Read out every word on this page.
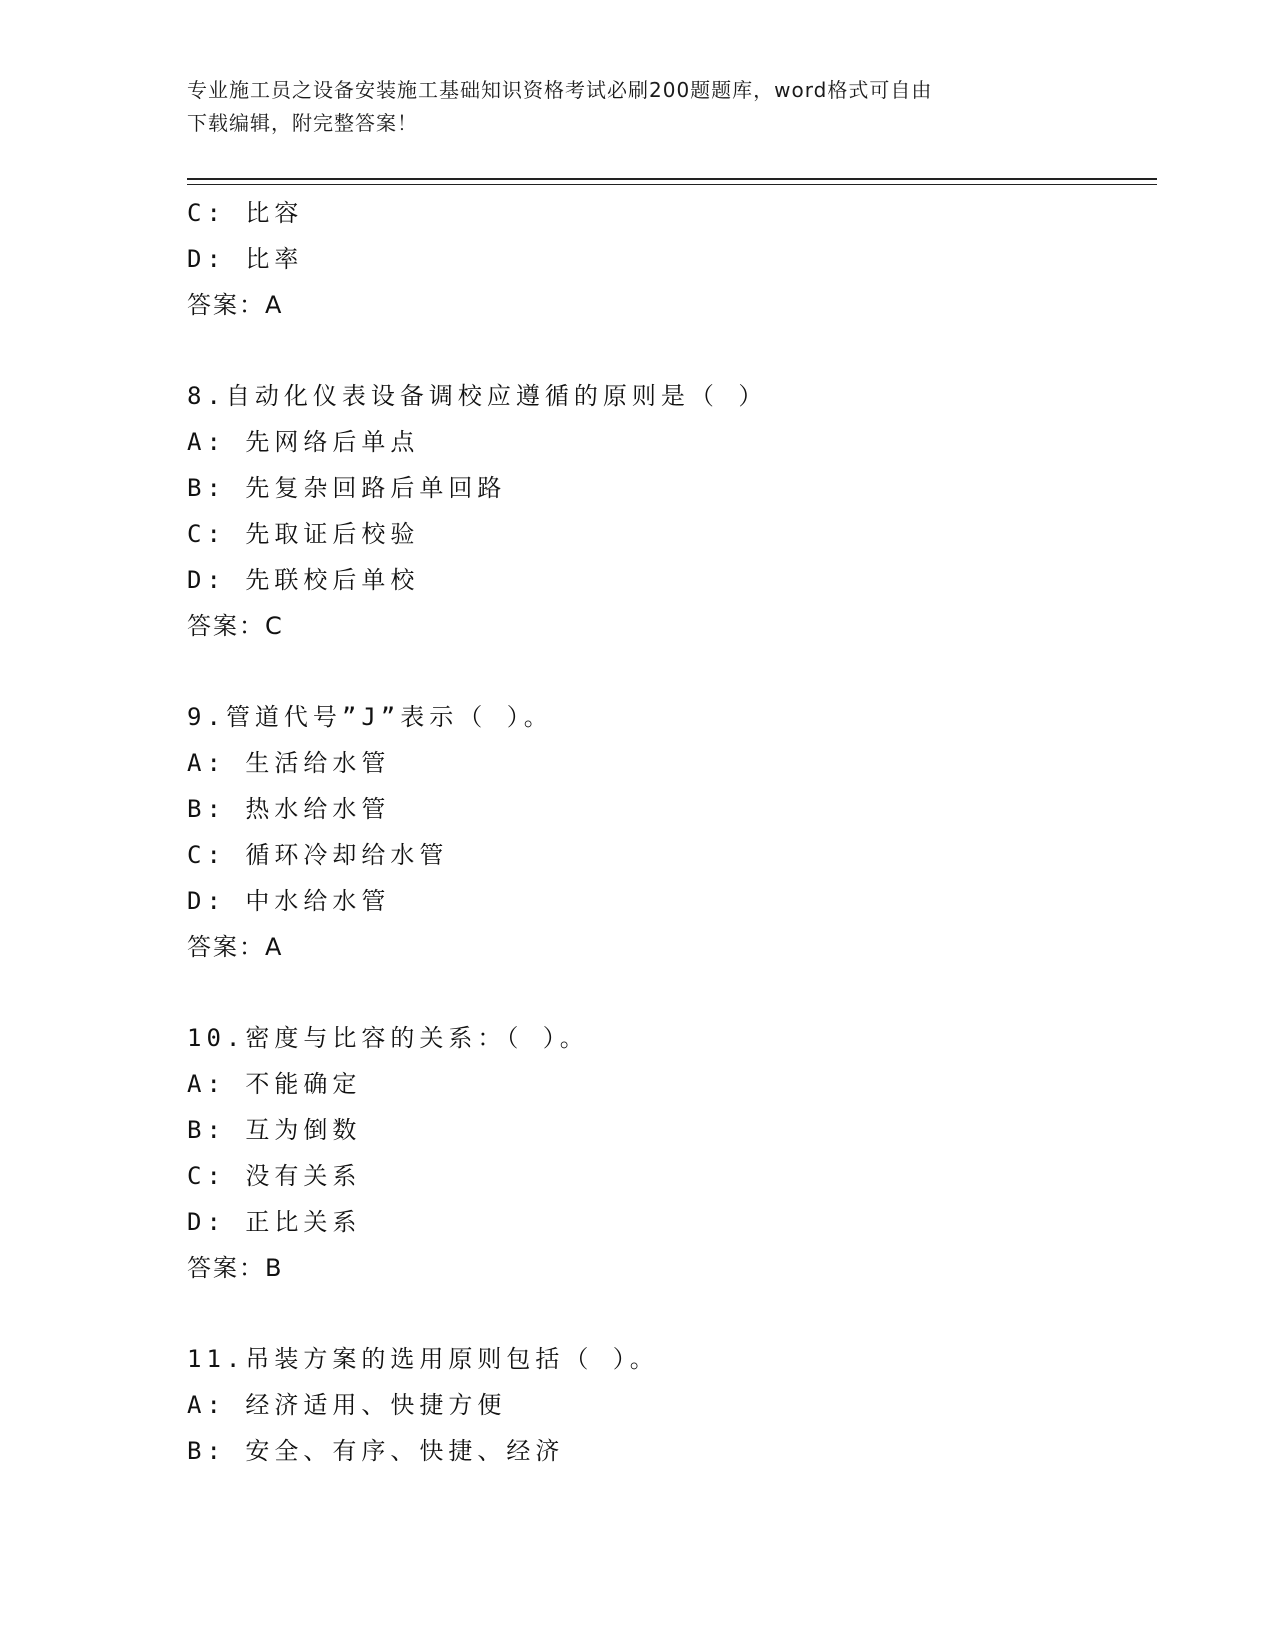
专业施工员之设备安装施工基础知识资格考试必刷200题题库，word格式可自由
下载编辑，附完整答案！
C: 比容
D: 比率
答案：A
8.自动化仪表设备调校应遵循的原则是（ ）
A: 先网络后单点
B: 先复杂回路后单回路
C: 先取证后校验
D: 先联校后单校
答案：C
9.管道代号”J”表示（ ）。
A: 生活给水管
B: 热水给水管
C: 循环冷却给水管
D: 中水给水管
答案：A
10.密度与比容的关系：（ ）。
A: 不能确定
B: 互为倒数
C: 没有关系
D: 正比关系
答案：B
11.吊装方案的选用原则包括（ ）。
A: 经济适用、快捷方便
B: 安全、有序、快捷、经济
